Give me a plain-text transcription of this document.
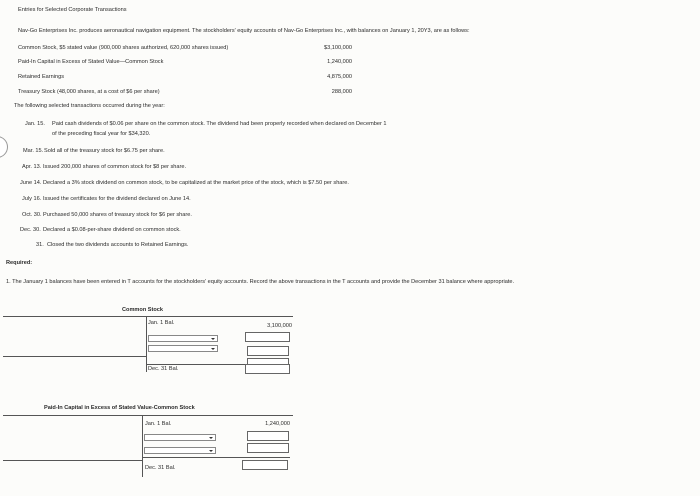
Entries for Selected Corporate Transactions
Nav-Go Enterprises Inc. produces aeronautical navigation equipment. The stockholders' equity accounts of Nav-Go Enterprises Inc., with balances on January 1, 20Y3, are as follows:
Common Stock, $5 stated value (900,000 shares authorized, 620,000 shares issued)	$3,100,000
Paid-In Capital in Excess of Stated Value—Common Stock	1,240,000
Retained Earnings	4,875,000
Treasury Stock (48,000 shares, at a cost of $6 per share)	288,000
The following selected transactions occurred during the year:
Jan. 15. Paid cash dividends of $0.06 per share on the common stock. The dividend had been properly recorded when declared on December 1
of the preceding fiscal year for $34,320.
Mar. 15. Sold all of the treasury stock for $6.75 per share.
Apr. 13. Issued 200,000 shares of common stock for $8 per share.
June 14. Declared a 3% stock dividend on common stock, to be capitalized at the market price of the stock, which is $7.50 per share.
July 16. Issued the certificates for the dividend declared on June 14.
Oct. 30. Purchased 50,000 shares of treasury stock for $6 per share.
Dec. 30. Declared a $0.08-per-share dividend on common stock.
31. Closed the two dividends accounts to Retained Earnings.
Required:
1. The January 1 balances have been entered in T accounts for the stockholders' equity accounts. Record the above transactions in the T accounts and provide the December 31 balance where appropriate.
Common Stock
Jan. 1 Bal.	3,100,000
Dec. 31 Bal.
Paid-In Capital in Excess of Stated Value-Common Stock
Jan. 1 Bal.	1,240,000
Dec. 31 Bal.
